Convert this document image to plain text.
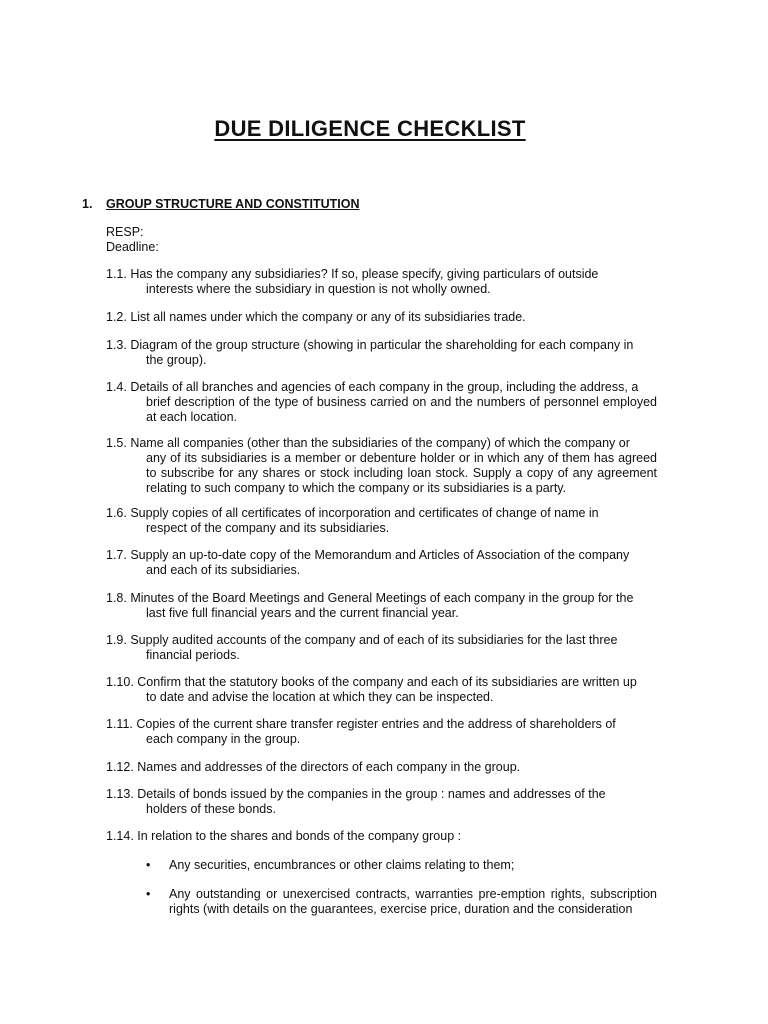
DUE DILIGENCE CHECKLIST
1. GROUP STRUCTURE AND CONSTITUTION
RESP:
Deadline:
1.1. Has the company any subsidiaries? If so, please specify, giving particulars of outside
interests where the subsidiary in question is not wholly owned.
1.2. List all names under which the company or any of its subsidiaries trade.
1.3. Diagram of the group structure (showing in particular the shareholding for each company in
the group).
1.4. Details of all branches and agencies of each company in the group, including the address, a
brief description of the type of business carried on and the numbers of personnel employed at each location.
1.5. Name all companies (other than the subsidiaries of the company) of which the company or
any of its subsidiaries is a member or debenture holder or in which any of them has agreed to subscribe for any shares or stock including loan stock. Supply a copy of any agreement relating to such company to which the company or its subsidiaries is a party.
1.6. Supply copies of all certificates of incorporation and certificates of change of name in
respect of the company and its subsidiaries.
1.7. Supply an up-to-date copy of the Memorandum and Articles of Association of the company
and each of its subsidiaries.
1.8. Minutes of the Board Meetings and General Meetings of each company in the group for the
last five full financial years and the current financial year.
1.9. Supply audited accounts of the company and of each of its subsidiaries for the last three
financial periods.
1.10. Confirm that the statutory books of the company and each of its subsidiaries are written up
to date and advise the location at which they can be inspected.
1.11. Copies of the current share transfer register entries and the address of shareholders of
each company in the group.
1.12. Names and addresses of the directors of each company in the group.
1.13. Details of bonds issued by the companies in the group : names and addresses of the
holders of these bonds.
1.14. In relation to the shares and bonds of the company group :
• Any securities, encumbrances or other claims relating to them;
• Any outstanding or unexercised contracts, warranties pre-emption rights, subscription rights (with details on the guarantees, exercise price, duration and the consideration
